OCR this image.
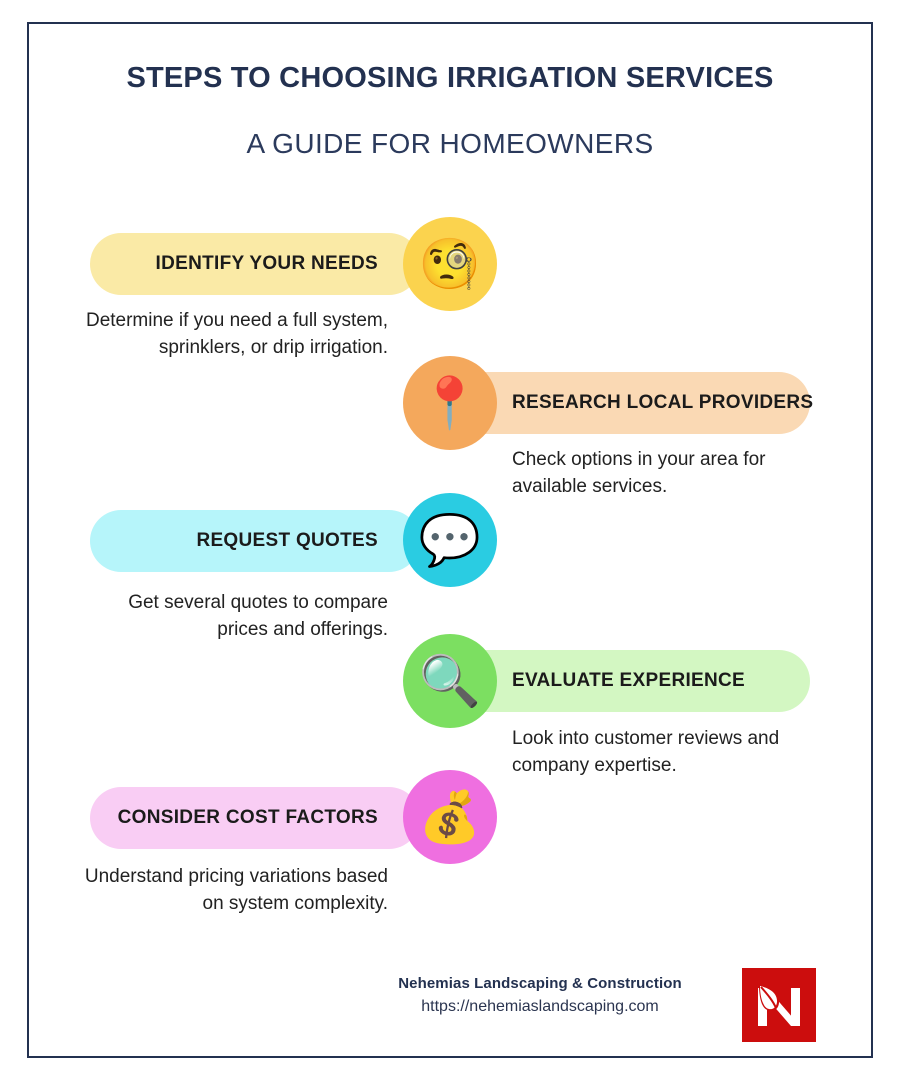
STEPS TO CHOOSING IRRIGATION SERVICES
A GUIDE FOR HOMEOWNERS
IDENTIFY YOUR NEEDS 🧐
Determine if you need a full system, sprinklers, or drip irrigation.
RESEARCH LOCAL PROVIDERS
📍
Check options in your area for available services.
REQUEST QUOTES 💬
Get several quotes to compare prices and offerings.
EVALUATE EXPERIENCE
🔍
Look into customer reviews and company expertise.
CONSIDER COST FACTORS 💰
Understand pricing variations based on system complexity.
Nehemias Landscaping & Construction
https://nehemiaslandscaping.com
